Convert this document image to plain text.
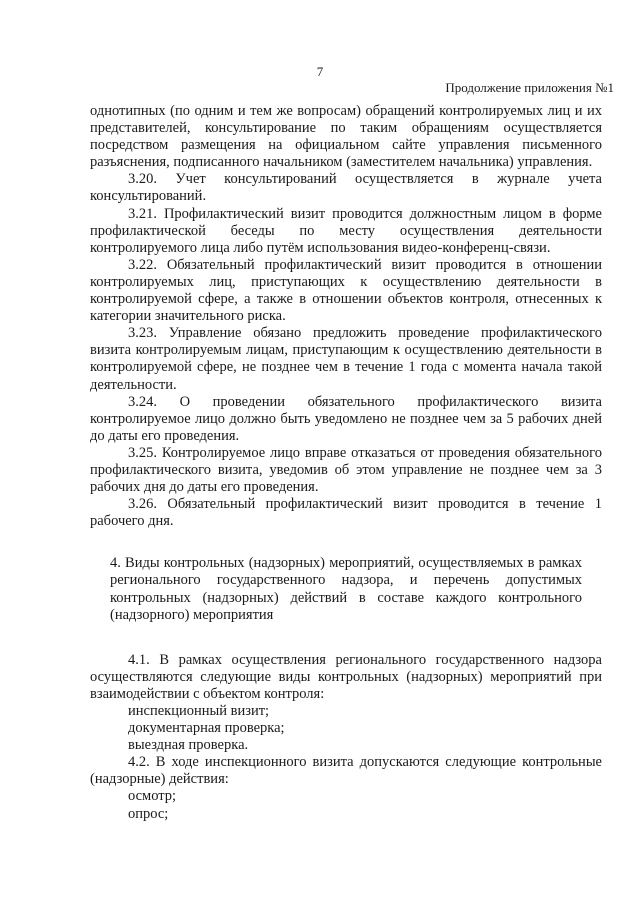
7
Продолжение приложения №1

однотипных (по одним и тем же вопросам) обращений контролируемых лиц и их представителей, консультирование по таким обращениям осуществляется посредством размещения на официальном сайте управления письменного разъяснения, подписанного начальником (заместителем начальника) управления.

3.20. Учет консультирований осуществляется в журнале учета консультирований.

3.21. Профилактический визит проводится должностным лицом в форме профилактической беседы по месту осуществления деятельности контролируемого лица либо путём использования видео-конференц-связи.

3.22. Обязательный профилактический визит проводится в отношении контролируемых лиц, приступающих к осуществлению деятельности в контролируемой сфере, а также в отношении объектов контроля, отнесенных к категории значительного риска.

3.23. Управление обязано предложить проведение профилактического визита контролируемым лицам, приступающим к осуществлению деятельности в контролируемой сфере, не позднее чем в течение 1 года с момента начала такой деятельности.

3.24. О проведении обязательного профилактического визита контролируемое лицо должно быть уведомлено не позднее чем за 5 рабочих дней до даты его проведения.

3.25. Контролируемое лицо вправе отказаться от проведения обязательного профилактического визита, уведомив об этом управление не позднее чем за 3 рабочих дня до даты его проведения.

3.26. Обязательный профилактический визит проводится в течение 1 рабочего дня.

4. Виды контрольных (надзорных) мероприятий, осуществляемых в рамках регионального государственного надзора, и перечень допустимых контрольных (надзорных) действий в составе каждого контрольного (надзорного) мероприятия

4.1. В рамках осуществления регионального государственного надзора осуществляются следующие виды контрольных (надзорных) мероприятий при взаимодействии с объектом контроля:

инспекционный визит;

документарная проверка;

выездная проверка.

4.2. В ходе инспекционного визита допускаются следующие контрольные (надзорные) действия:

осмотр;

опрос;
